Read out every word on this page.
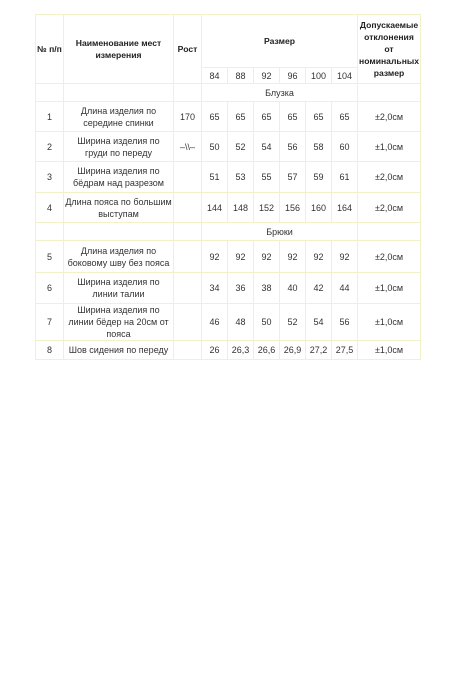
№ п/п	Наименование мест измерения	Рост	Размер						Допускаемые отклонения от номинальных размер
			84	88	92	96	100	104	
			Блузка						
1	Длина изделия по середине спинки	170	65	65	65	65	65	65	±2,0см
2	Ширина изделия по груди по переду	–\\–	50	52	54	56	58	60	±1,0см
3	Ширина изделия по бёдрам над разрезом		51	53	55	57	59	61	±2,0см
4	Длина пояса по большим выступам		144	148	152	156	160	164	±2,0см
			Брюки						
5	Длина изделия по боковому шву без пояса		92	92	92	92	92	92	±2,0см
6	Ширина изделия по линии талии		34	36	38	40	42	44	±1,0см
7	Ширина изделия по линии бёдер на 20см от пояса		46	48	50	52	54	56	±1,0см
8	Шов сидения по переду		26	26,3	26,6	26,9	27,2	27,5	±1,0см
